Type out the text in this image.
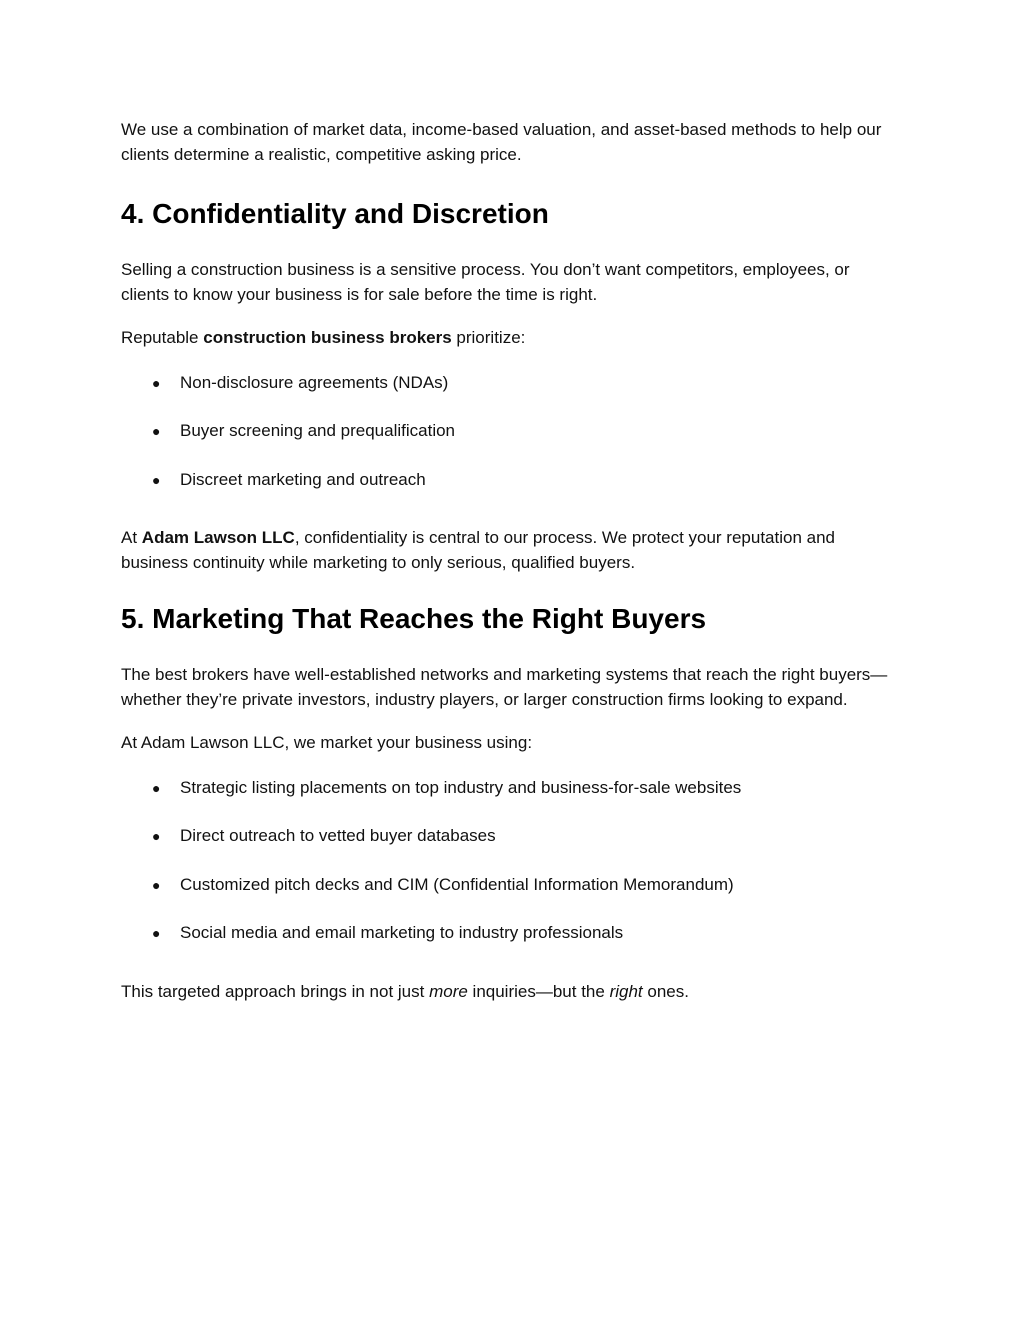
We use a combination of market data, income-based valuation, and asset-based methods to help our clients determine a realistic, competitive asking price.

4. Confidentiality and Discretion

Selling a construction business is a sensitive process. You don’t want competitors, employees, or clients to know your business is for sale before the time is right.

Reputable construction business brokers prioritize:

● Non-disclosure agreements (NDAs)
● Buyer screening and prequalification
● Discreet marketing and outreach

At Adam Lawson LLC, confidentiality is central to our process. We protect your reputation and business continuity while marketing to only serious, qualified buyers.

5. Marketing That Reaches the Right Buyers

The best brokers have well-established networks and marketing systems that reach the right buyers—whether they’re private investors, industry players, or larger construction firms looking to expand.

At Adam Lawson LLC, we market your business using:

● Strategic listing placements on top industry and business-for-sale websites
● Direct outreach to vetted buyer databases
● Customized pitch decks and CIM (Confidential Information Memorandum)
● Social media and email marketing to industry professionals

This targeted approach brings in not just more inquiries—but the right ones.
